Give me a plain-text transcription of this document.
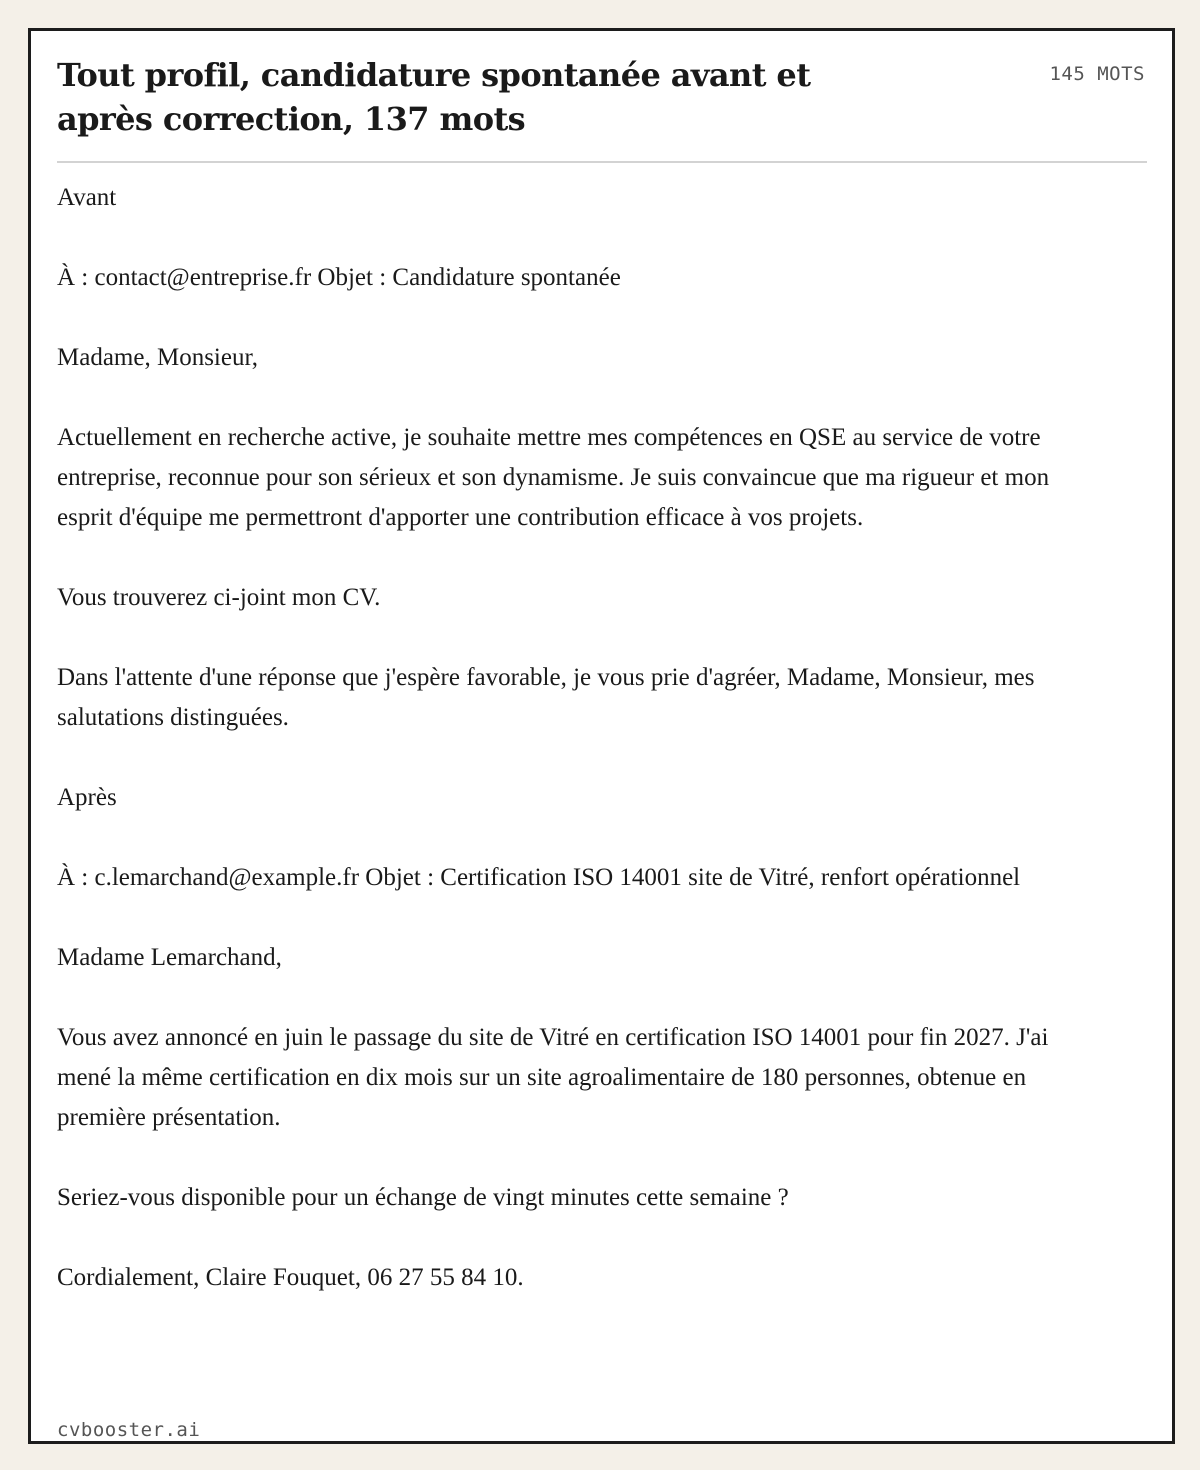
Tout profil, candidature spontanée avant et après correction, 137 mots
145 MOTS

Avant

À : contact@entreprise.fr Objet : Candidature spontanée

Madame, Monsieur,

Actuellement en recherche active, je souhaite mettre mes compétences en QSE au service de votre entreprise, reconnue pour son sérieux et son dynamisme. Je suis convaincue que ma rigueur et mon esprit d'équipe me permettront d'apporter une contribution efficace à vos projets.

Vous trouverez ci-joint mon CV.

Dans l'attente d'une réponse que j'espère favorable, je vous prie d'agréer, Madame, Monsieur, mes salutations distinguées.

Après

À : c.lemarchand@example.fr Objet : Certification ISO 14001 site de Vitré, renfort opérationnel

Madame Lemarchand,

Vous avez annoncé en juin le passage du site de Vitré en certification ISO 14001 pour fin 2027. J'ai mené la même certification en dix mois sur un site agroalimentaire de 180 personnes, obtenue en première présentation.

Seriez-vous disponible pour un échange de vingt minutes cette semaine ?

Cordialement, Claire Fouquet, 06 27 55 84 10.

cvbooster.ai
